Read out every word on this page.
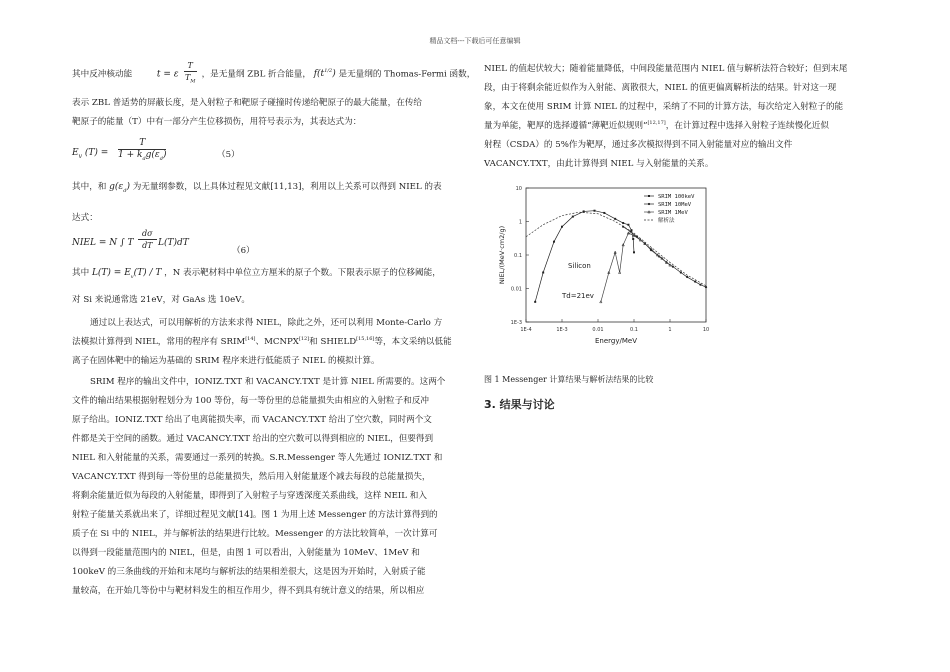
精品文档---下载后可任意编辑
其中反冲核动能	t = ε $\frac{T}{T_M}$ ，是无量纲 ZBL 折合能量， $f(t^{1/2})$ 是无量纲的 Thomas-Fermi 函数，
表示 ZBL 普适势的屏蔽长度，是入射粒子和靶原子碰撞时传递给靶原子的最大能量，在传给
靶原子的能量（T）中有一部分产生位移损伤，用符号表示为，其表达式为：
$E_v$ (T) =
T
$1 + k_dg(\varepsilon_d)$	（5）
其中，和 $g(\varepsilon_d)$ 为无量纲参数，以上具体过程见文献[11,13]，利用以上关系可以得到 NIEL 的表
达式：
NIEL = N ∫ T $\frac{d\sigma}{dT} L(T)dT$
（6）
其中 $L(T) = E_v(T) / T$ ，N 表示靶材料中单位立方厘米的原子个数。下限表示原子的位移阈能，
对 Si 来说通常选 21eV，对 GaAs 选 10eV。
通过以上表达式，可以用解析的方法来求得 NIEL，除此之外，还可以利用 Monte-Carlo 方
法模拟计算得到 NIEL，常用的程序有 SRIM[14]、MCNPX[12]和 SHIELD[15,16]等，本文采纳以低能
离子在固体靶中的输运为基础的 SRIM 程序来进行低能质子 NIEL 的模拟计算。
SRIM 程序的输出文件中，IONIZ.TXT 和 VACANCY.TXT 是计算 NIEL 所需要的。这两个
文件的输出结果根据射程划分为 100 等份，每一等份里的总能量损失由相应的入射粒子和反冲
原子给出。IONIZ.TXT 给出了电离能损失率，而 VACANCY.TXT 给出了空穴数，同时两个文
件都是关于空间的函数。通过 VACANCY.TXT 给出的空穴数可以得到相应的 NIEL，但要得到
NIEL 和入射能量的关系，需要通过一系列的转换。S.R.Messenger 等人先通过 IONIZ.TXT 和
VACANCY.TXT 得到每一等份里的总能量损失，然后用入射能量逐个减去每段的总能量损失，
将剩余能量近似为每段的入射能量，即得到了入射粒子与穿透深度关系曲线，这样 NEIL 和入
射粒子能量关系就出来了，详细过程见文献[14]。图 1 为用上述 Messenger 的方法计算得到的
质子在 Si 中的 NIEL，并与解析法的结果进行比较。Messenger 的方法比较简单，一次计算可
以得到一段能量范围内的 NIEL，但是，由图 1 可以看出，入射能量为 10MeV、1MeV 和
100keV 的三条曲线的开始和末尾均与解析法的结果相差很大，这是因为开始时，入射质子能
量较高，在开始几等份中与靶材料发生的相互作用少，得不到具有统计意义的结果，所以相应
NIEL 的值起伏较大；随着能量降低，中间段能量范围内 NIEL 值与解析法符合较好；但到末尾
段，由于将剩余能近似作为入射能、离散很大，NIEL 的值更偏离解析法的结果。针对这一现
象，本文在使用 SRIM 计算 NIEL 的过程中，采纳了不同的计算方法，每次给定入射粒子的能
量为单能，靶厚的选择遵循“薄靶近似规则”[12,17]，在计算过程中选择入射粒子连续慢化近似
射程（CSDA）的 5%作为靶厚，通过多次模拟得到不同入射能量对应的输出文件
VACANCY.TXT，由此计算得到 NIEL 与入射能量的关系。
1E-4	1E-3	0.01	0.1	1	10
1E-3
0.01
0.1
1
10
Energy/MeV
NIEL/(MeV·cm2/g)	Silicon
Td=21ev
SRIM 100keV
SRIM 10MeV
SRIM 1MeV
解析法
图 1 Messenger 计算结果与解析法结果的比较
3. 结果与讨论
